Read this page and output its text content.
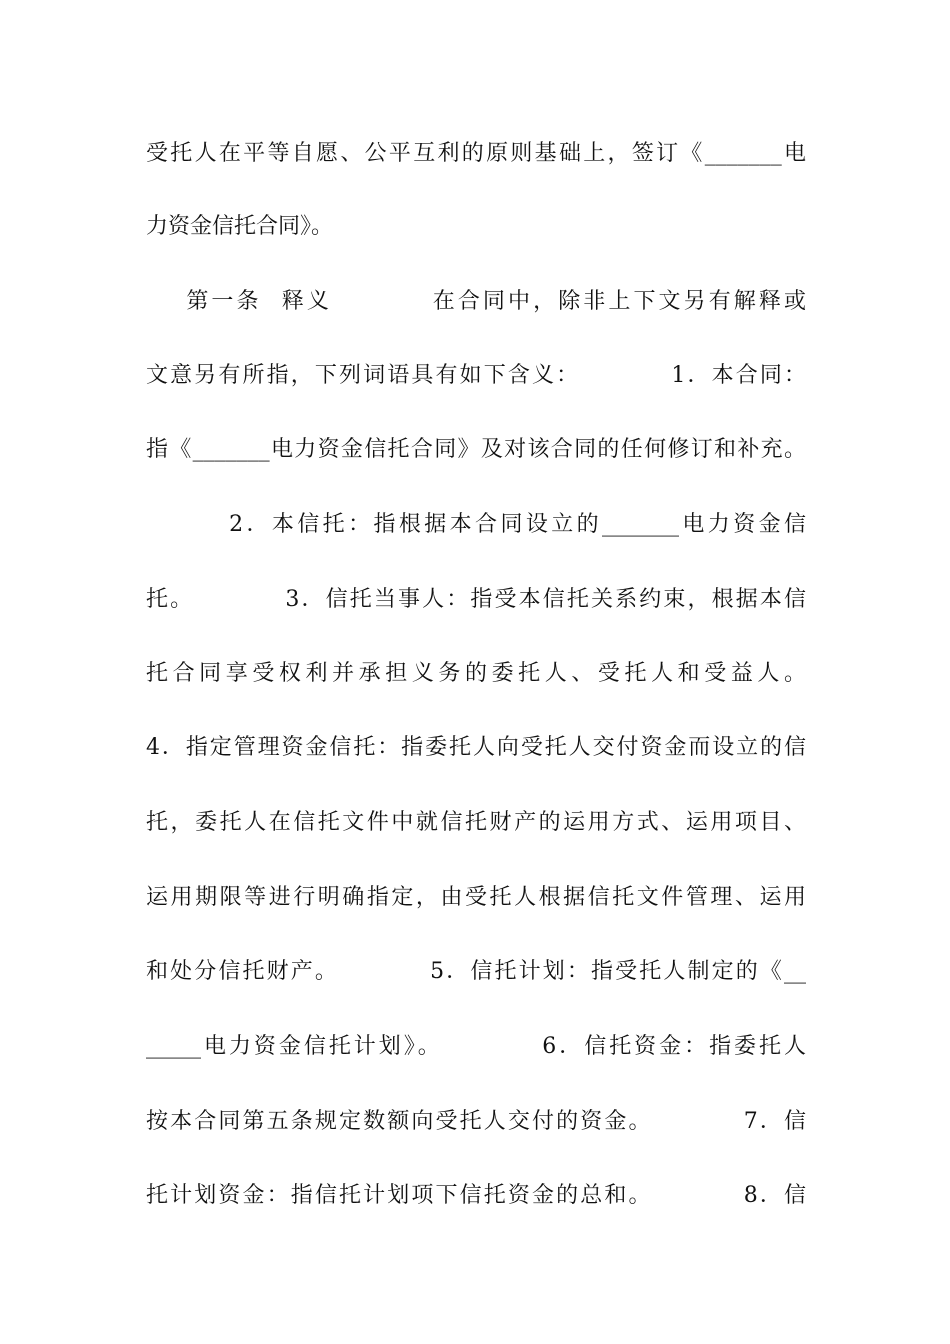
受托人在平等自愿、公平互利的原则基础上，签订《_______电
力资金信托合同》。
第一条  释义          在合同中，除非上下文另有解释或
文意另有所指，下列词语具有如下含义：          1．本合同：
指《_______电力资金信托合同》及对该合同的任何修订和补充。
2．本信托：指根据本合同设立的_______电力资金信
托。          3．信托当事人：指受本信托关系约束，根据本信
托合同享受权利并承担义务的委托人、受托人和受益人。
4．指定管理资金信托：指委托人向受托人交付资金而设立的信
托，委托人在信托文件中就信托财产的运用方式、运用项目、
运用期限等进行明确指定，由受托人根据信托文件管理、运用
和处分信托财产。          5．信托计划：指受托人制定的《__
_____电力资金信托计划》。          6．信托资金：指委托人
按本合同第五条规定数额向受托人交付的资金。          7．信
托计划资金：指信托计划项下信托资金的总和。          8．信
